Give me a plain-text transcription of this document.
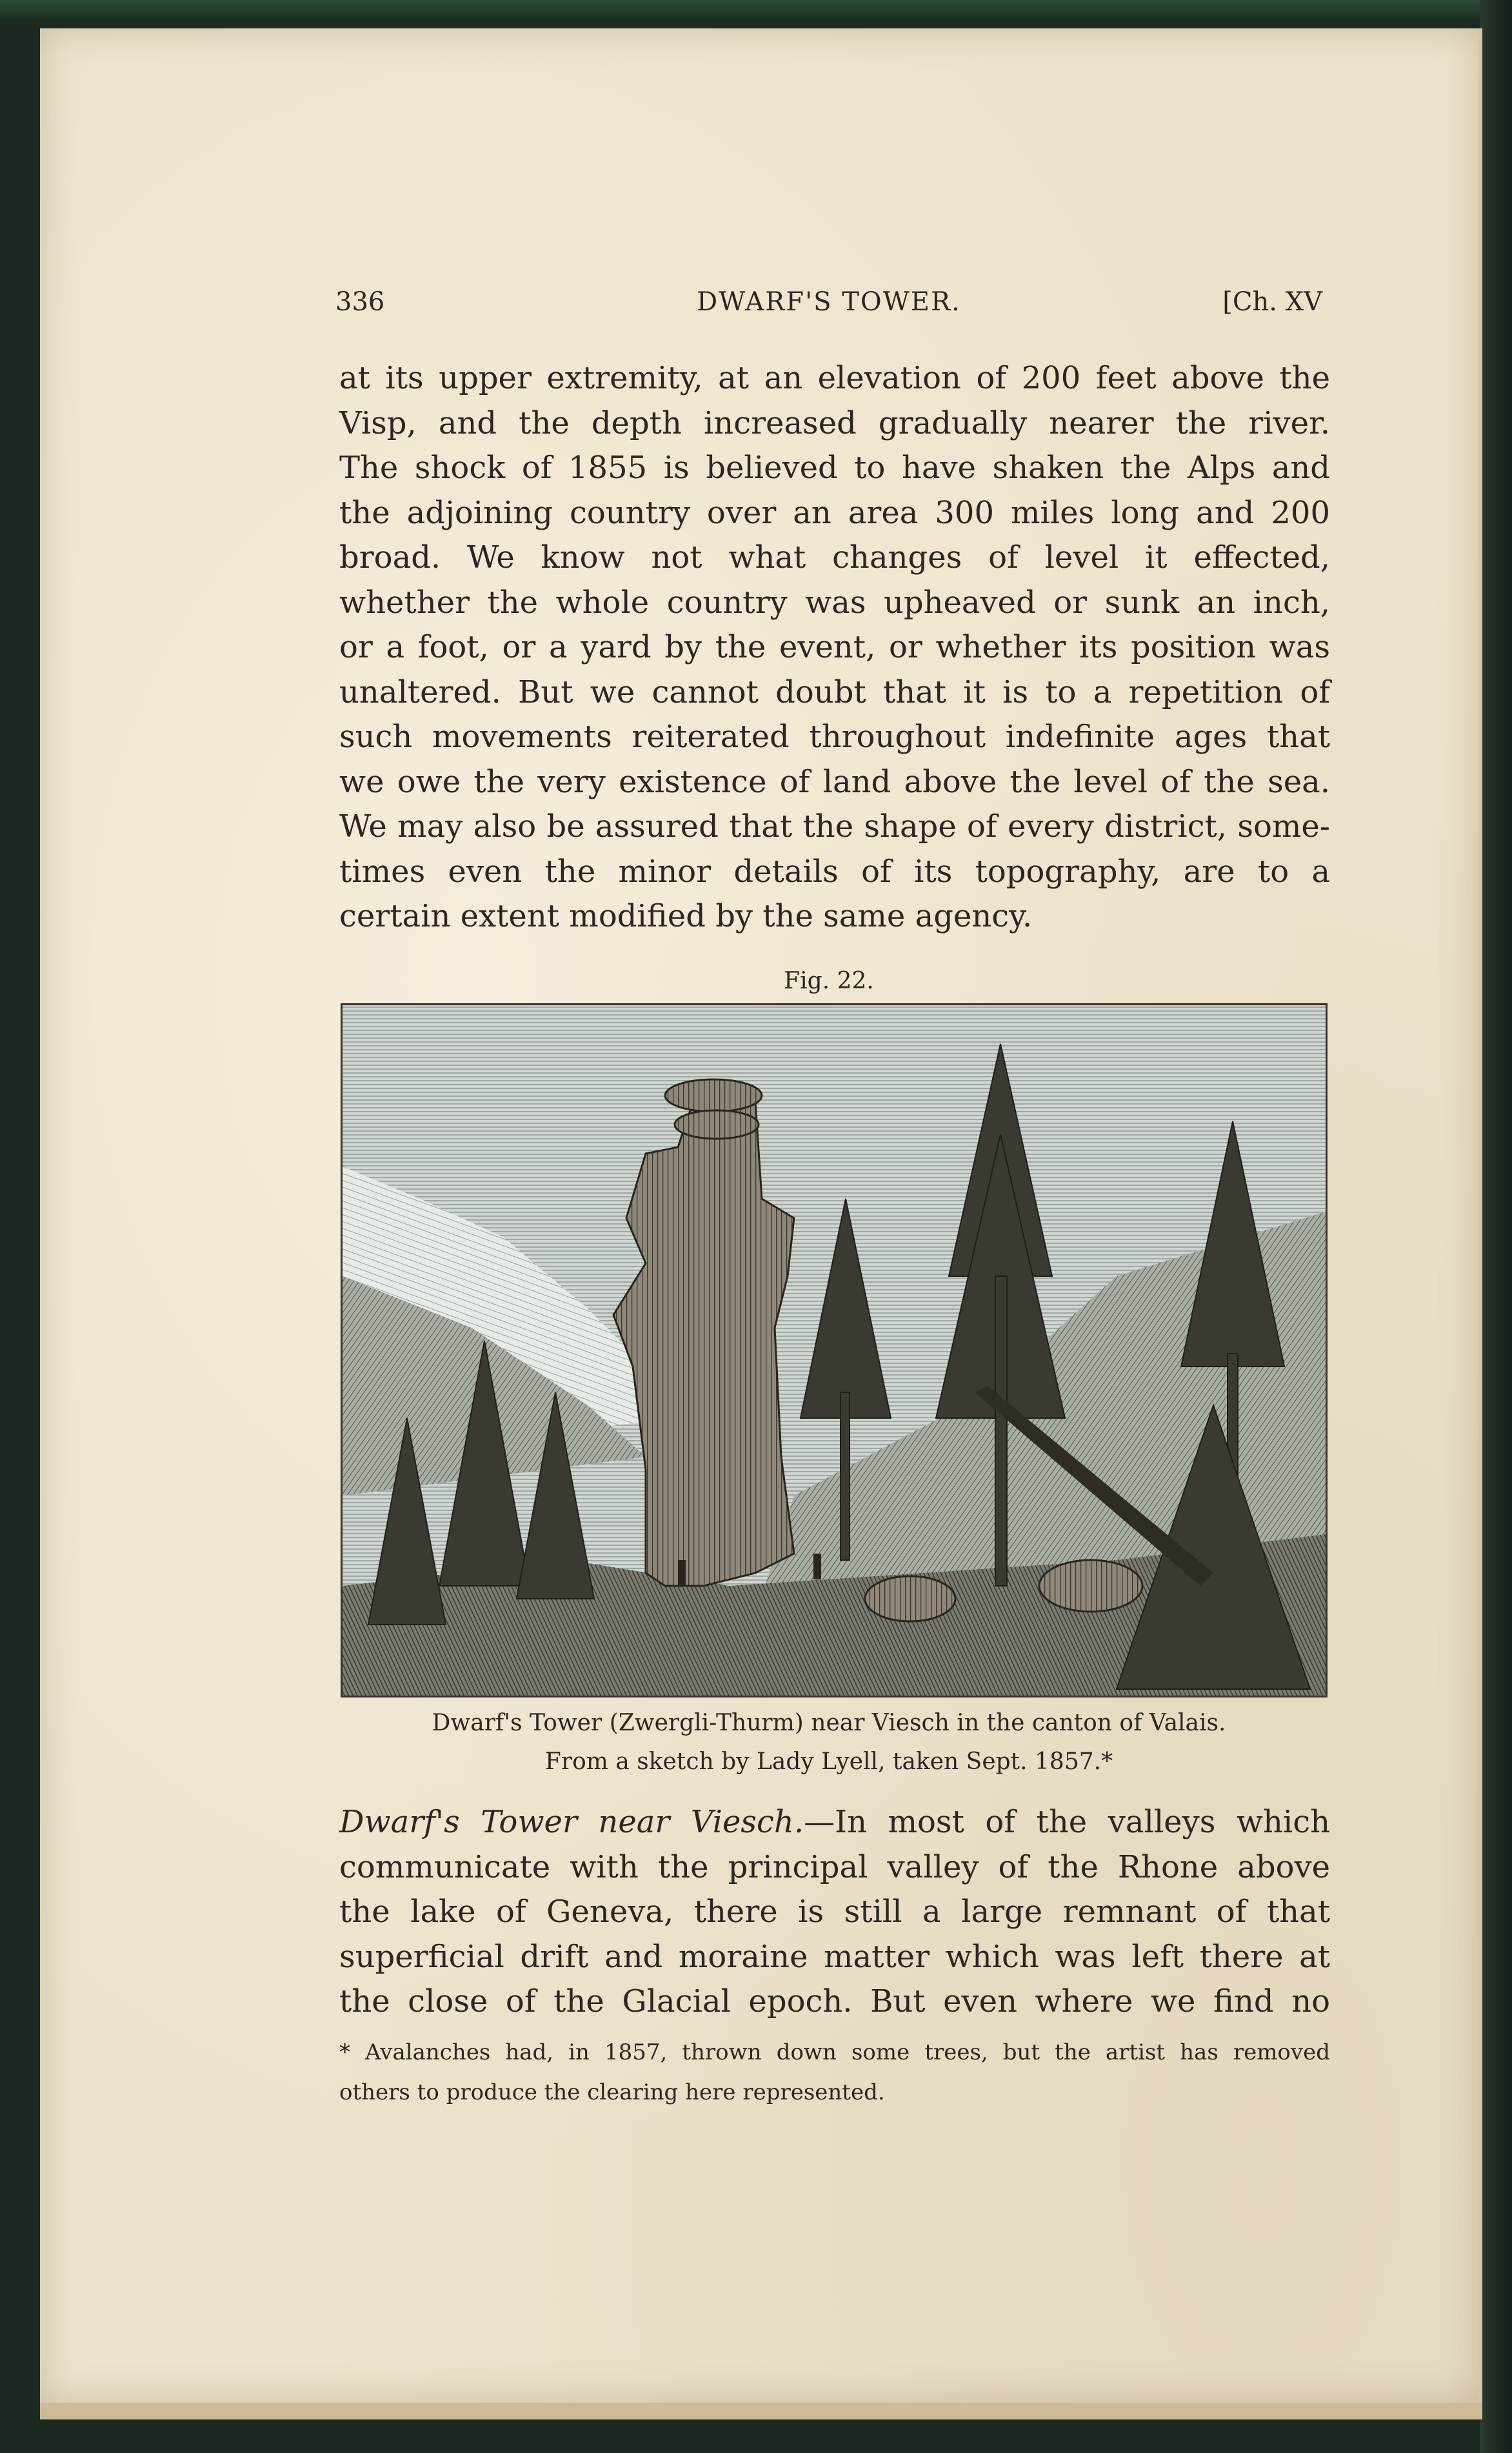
336	DWARF'S TOWER.	[Ch. XV
at its upper extremity, at an elevation of 200 feet above the
Visp, and the depth increased gradually nearer the river.
The shock of 1855 is believed to have shaken the Alps and
the adjoining country over an area 300 miles long and 200
broad. We know not what changes of level it effected,
whether the whole country was upheaved or sunk an inch,
or a foot, or a yard by the event, or whether its position was
unaltered. But we cannot doubt that it is to a repetition of
such movements reiterated throughout indefinite ages that
we owe the very existence of land above the level of the sea.
We may also be assured that the shape of every district, some-
times even the minor details of its topography, are to a
certain extent modified by the same agency.
Fig. 22.
Dwarf's Tower (Zwergli-Thurm) near Viesch in the canton of Valais.
From a sketch by Lady Lyell, taken Sept. 1857.*
Dwarf's Tower near Viesch.—In most of the valleys which
communicate with the principal valley of the Rhone above
the lake of Geneva, there is still a large remnant of that
superficial drift and moraine matter which was left there at
the close of the Glacial epoch. But even where we find no
* Avalanches had, in 1857, thrown down some trees, but the artist has removed
others to produce the clearing here represented.
